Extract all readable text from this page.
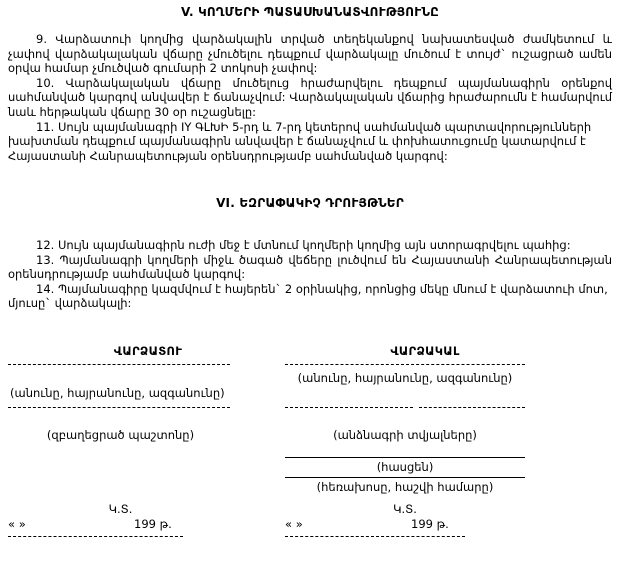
V. ԿՈՂՄԵՐԻ ՊԱՏԱՍԽԱՆԱՏՎՈՒԹՅՈՒՆԸ

9. Վարձատուի կողմից վարձակալին տրված տեղեկանքով նախատեսված ժամկետում և չափով վարձակալական վճարը չմուծելու դեպքում վարձակալը մուծում է տույժ` ուշացրած ամեն օրվա համար չմուծված գումարի 2 տոկոսի չափով:

10. Վարձակալական վճարը մուծելուց հրաժարվելու դեպքում պայմանագիրն օրենքով սահմանված կարգով անվավեր է ճանաչվում: Վարձակալական վճարից հրաժարումն է համարվում նաև հերթական վճարը 30 օր ուշացնելը:

11. Սույն պայմանագրի IY ԳԼԽԻ 5-րդ և 7-րդ կետերով սահմանված պարտավորությունների խախտման դեպքում պայմանագիրն անվավեր է ճանաչվում և փոխհատուցումը կատարվում է Հայաստանի Հանրապետության օրենսդրությամբ սահմանված կարգով:

VI. ԵԶՐԱՓԱԿԻՉ ԴՐՈՒՅԹՆԵՐ

12. Սույն պայմանագիրն ուժի մեջ է մտնում կողմերի կողմից այն ստորագրվելու պահից:

13. Պայմանագրի կողմերի միջև ծագած վեճերը լուծվում են Հայաստանի Հանրապետության օրենսդրությամբ սահմանված կարգով:

14. Պայմանագիրը կազմվում է հայերեն` 2 օրինակից, որոնցից մեկը մնում է վարձատուի մոտ, մյուսը` վարձակալի:

ՎԱՐՁԱՏՈՒ
(անունը, հայրանունը, ազգանունը)
(զբաղեցրած պաշտոնը)
Կ.Տ.
« »	199 թ.
ՎԱՐՁԱԿԱԼ
(անունը, հայրանունը, ազգանունը)
(անձնագրի տվյալները)
(հասցեն)
(հեռախոսը, հաշվի համարը)
Կ.Տ.
« »	199 թ.
